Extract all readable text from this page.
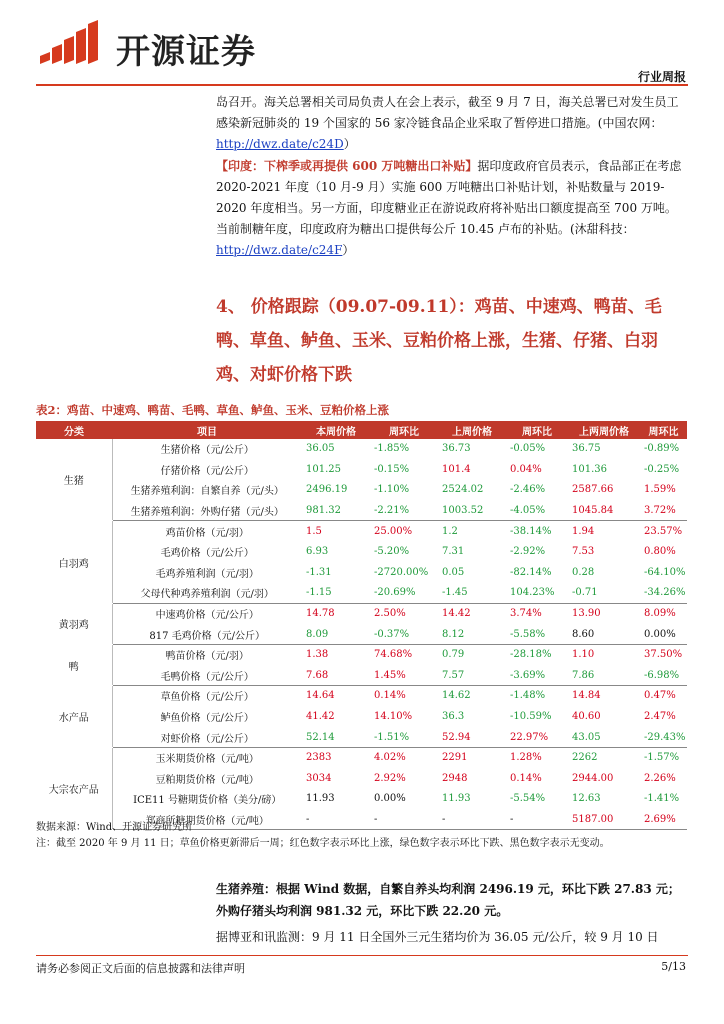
开源证券
行业周报
岛召开。海关总署相关司局负责人在会上表示，截至 9 月 7 日，海关总署已对发生员工感染新冠肺炎的 19 个国家的 56 家冷链食品企业采取了暂停进口措施。(中国农网：http://dwz.date/c24D）
【印度：下榨季或再提供 600 万吨糖出口补贴】据印度政府官员表示，食品部正在考虑 2020-2021 年度（10 月-9 月）实施 600 万吨糖出口补贴计划，补贴数量与 2019-2020 年度相当。另一方面，印度糖业正在游说政府将补贴出口额度提高至 700 万吨。当前制糖年度，印度政府为糖出口提供每公斤 10.45 卢布的补贴。(沐甜科技：http://dwz.date/c24F）
4、 价格跟踪（09.07-09.11）：鸡苗、中速鸡、鸭苗、毛鸭、草鱼、鲈鱼、玉米、豆粕价格上涨，生猪、仔猪、白羽鸡、对虾价格下跌
表2：鸡苗、中速鸡、鸭苗、毛鸭、草鱼、鲈鱼、玉米、豆粕价格上涨
分类	项目	本周价格	周环比	上周价格	周环比	上两周价格	周环比
生猪	生猪价格（元/公斤）	36.05	-1.85%	36.73	-0.05%	36.75	-0.89%
	仔猪价格（元/公斤）	101.25	-0.15%	101.4	0.04%	101.36	-0.25%
	生猪养殖利润：自繁自养（元/头）	2496.19	-1.10%	2524.02	-2.46%	2587.66	1.59%
	生猪养殖利润：外购仔猪（元/头）	981.32	-2.21%	1003.52	-4.05%	1045.84	3.72%
白羽鸡	鸡苗价格（元/羽）	1.5	25.00%	1.2	-38.14%	1.94	23.57%
	毛鸡价格（元/公斤）	6.93	-5.20%	7.31	-2.92%	7.53	0.80%
	毛鸡养殖利润（元/羽）	-1.31	-2720.00%	0.05	-82.14%	0.28	-64.10%
	父母代种鸡养殖利润（元/羽）	-1.15	-20.69%	-1.45	104.23%	-0.71	-34.26%
黄羽鸡	中速鸡价格（元/公斤）	14.78	2.50%	14.42	3.74%	13.90	8.09%
	817 毛鸡价格（元/公斤）	8.09	-0.37%	8.12	-5.58%	8.60	0.00%
鸭	鸭苗价格（元/羽）	1.38	74.68%	0.79	-28.18%	1.10	37.50%
	毛鸭价格（元/公斤）	7.68	1.45%	7.57	-3.69%	7.86	-6.98%
水产品	草鱼价格（元/公斤）	14.64	0.14%	14.62	-1.48%	14.84	0.47%
	鲈鱼价格（元/公斤）	41.42	14.10%	36.3	-10.59%	40.60	2.47%
	对虾价格（元/公斤）	52.14	-1.51%	52.94	22.97%	43.05	-29.43%
大宗农产品	玉米期货价格（元/吨）	2383	4.02%	2291	1.28%	2262	-1.57%
	豆粕期货价格（元/吨）	3034	2.92%	2948	0.14%	2944.00	2.26%
	ICE11 号糖期货价格（美分/磅）	11.93	0.00%	11.93	-5.54%	12.63	-1.41%
	郑商所糖期货价格（元/吨）	-	-	-	-	5187.00	2.69%
数据来源：Wind、开源证券研究所
注：截至 2020 年 9 月 11 日；草鱼价格更新滞后一周；红色数字表示环比上涨，绿色数字表示环比下跌、黑色数字表示无变动。
生猪养殖：根据 Wind 数据，自繁自养头均利润 2496.19 元，环比下跌 27.83 元；外购仔猪头均利润 981.32 元，环比下跌 22.20 元。
据博亚和讯监测：9 月 11 日全国外三元生猪均价为 36.05 元/公斤，较 9 月 10 日
请务必参阅正文后面的信息披露和法律声明	5/13
